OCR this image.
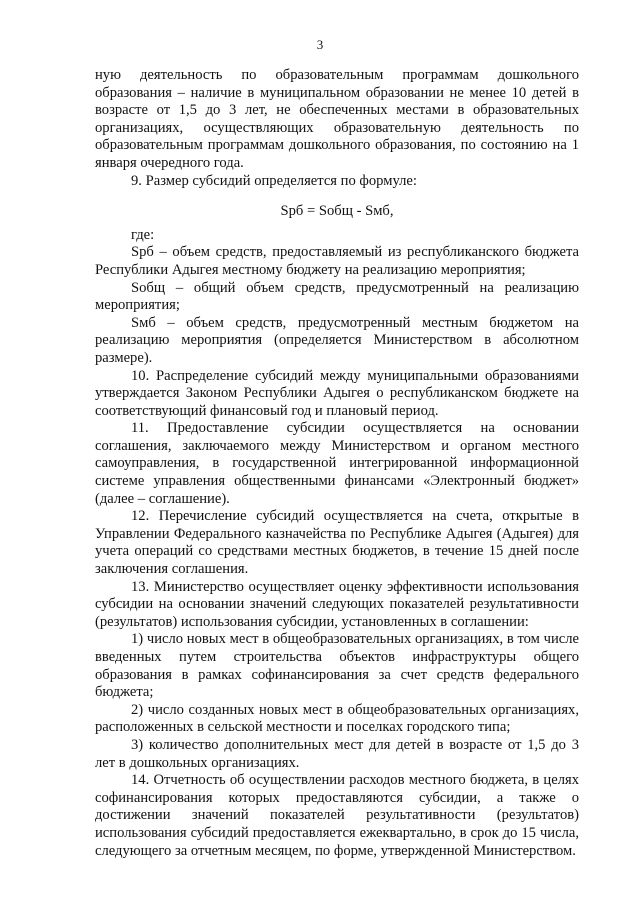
3

ную деятельность по образовательным программам дошкольного образования – наличие в муниципальном образовании не менее 10 детей в возрасте от 1,5 до 3 лет, не обеспеченных местами в образовательных организациях, осуществляющих образовательную деятельность по образовательным программам дошкольного образования, по состоянию на 1 января очередного года.

9. Размер субсидий определяется по формуле:

Sрб = Sобщ - Sмб,

где:

Sрб – объем средств, предоставляемый из республиканского бюджета Республики Адыгея местному бюджету на реализацию мероприятия;

Sобщ – общий объем средств, предусмотренный на реализацию мероприятия;

Sмб – объем средств, предусмотренный местным бюджетом на реализацию мероприятия (определяется Министерством в абсолютном размере).

10. Распределение субсидий между муниципальными образованиями утверждается Законом Республики Адыгея о республиканском бюджете на соответствующий финансовый год и плановый период.

11. Предоставление субсидии осуществляется на основании соглашения, заключаемого между Министерством и органом местного самоуправления, в государственной интегрированной информационной системе управления общественными финансами «Электронный бюджет» (далее – соглашение).

12. Перечисление субсидий осуществляется на счета, открытые в Управлении Федерального казначейства по Республике Адыгея (Адыгея) для учета операций со средствами местных бюджетов, в течение 15 дней после заключения соглашения.

13. Министерство осуществляет оценку эффективности использования субсидии на основании значений следующих показателей результативности (результатов) использования субсидии, установленных в соглашении:

1) число новых мест в общеобразовательных организациях, в том числе введенных путем строительства объектов инфраструктуры общего образования в рамках софинансирования за счет средств федерального бюджета;

2) число созданных новых мест в общеобразовательных организациях, расположенных в сельской местности и поселках городского типа;

3) количество дополнительных мест для детей в возрасте от 1,5 до 3 лет в дошкольных организациях.

14. Отчетность об осуществлении расходов местного бюджета, в целях софинансирования которых предоставляются субсидии, а также о достижении значений показателей результативности (результатов) использования субсидий предоставляется ежеквартально, в срок до 15 числа, следующего за отчетным месяцем, по форме, утвержденной Министерством.
